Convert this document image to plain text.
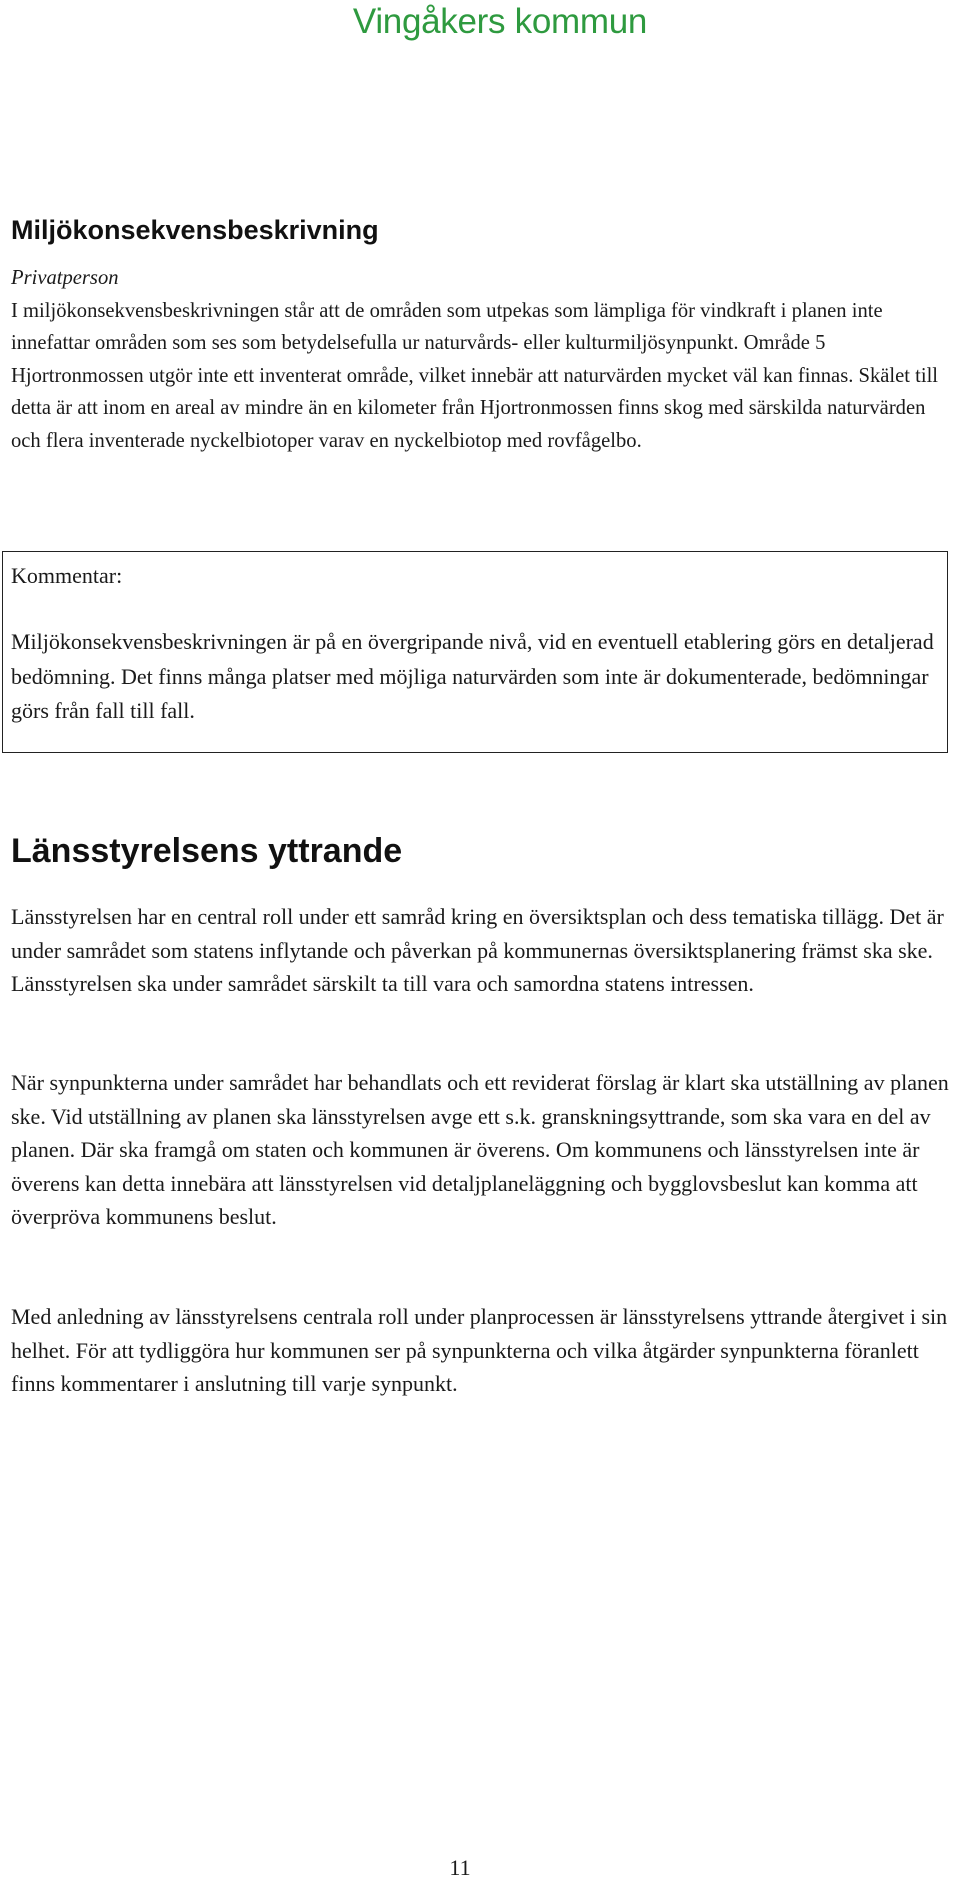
Vingåkers kommun
Miljökonsekvensbeskrivning
Privatperson
I miljökonsekvensbeskrivningen står att de områden som utpekas som lämpliga för vindkraft i planen inte innefattar områden som ses som betydelsefulla ur naturvårds- eller kulturmiljösynpunkt. Område 5 Hjortronmossen utgör inte ett inventerat område, vilket innebär att naturvärden mycket väl kan finnas. Skälet till detta är att inom en areal av mindre än en kilometer från Hjortronmossen finns skog med särskilda naturvärden och flera inventerade nyckelbiotoper varav en nyckelbiotop med rovfågelbo.
Kommentar:
Miljökonsekvensbeskrivningen är på en övergripande nivå, vid en eventuell etablering görs en detaljerad bedömning. Det finns många platser med möjliga naturvärden som inte är dokumenterade, bedömningar görs från fall till fall.
Länsstyrelsens yttrande

Länsstyrelsen har en central roll under ett samråd kring en översiktsplan och dess tematiska tillägg. Det är under samrådet som statens inflytande och påverkan på kommunernas översiktsplanering främst ska ske. Länsstyrelsen ska under samrådet särskilt ta till vara och samordna statens intressen.

När synpunkterna under samrådet har behandlats och ett reviderat förslag är klart ska utställning av planen ske. Vid utställning av planen ska länsstyrelsen avge ett s.k. granskningsyttrande, som ska vara en del av planen. Där ska framgå om staten och kommunen är överens. Om kommunens och länsstyrelsen inte är överens kan detta innebära att länsstyrelsen vid detaljplaneläggning och bygglovsbeslut kan komma att överpröva kommunens beslut.

Med anledning av länsstyrelsens centrala roll under planprocessen är länsstyrelsens yttrande återgivet i sin helhet. För att tydliggöra hur kommunen ser på synpunkterna och vilka åtgärder synpunkterna föranlett finns kommentarer i anslutning till varje synpunkt.

11
